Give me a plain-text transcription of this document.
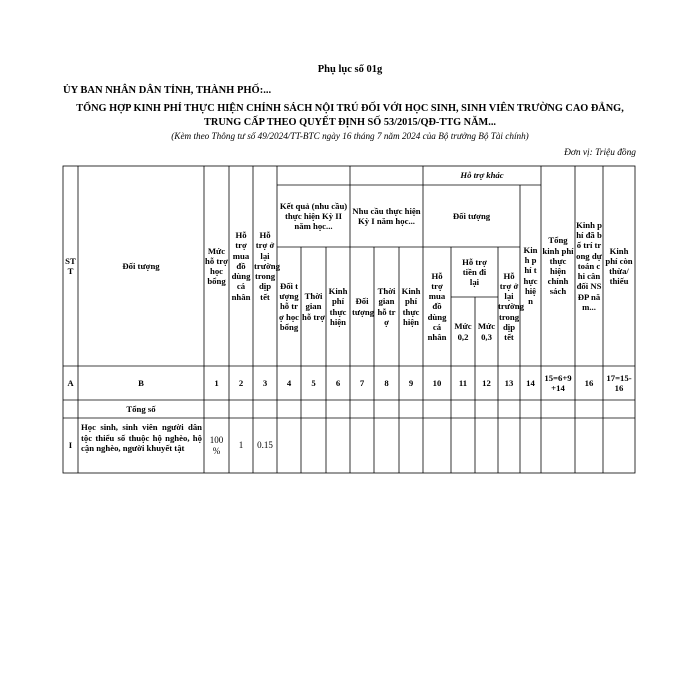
Phụ lục số 01g
ỦY BAN NHÂN DÂN TỈNH, THÀNH PHỐ:...
TỔNG HỢP KINH PHÍ THỰC HIỆN CHÍNH SÁCH NỘI TRÚ ĐỐI VỚI HỌC SINH, SINH VIÊN TRƯỜNG CAO ĐẲNG,
TRUNG CẤP THEO QUYẾT ĐỊNH SỐ 53/2015/QĐ-TTG NĂM...
(Kèm theo Thông tư số 49/2024/TT-BTC ngày 16 tháng 7 năm 2024 của Bộ trưởng Bộ Tài chính)
Đơn vị: Triệu đồng
STT
Đối tượng
Mức hỗ trợ học bổng
Hỗ trợ mua đồ dùng cá nhân
Hỗ trợ ở lại trường trong dịp tết
Kết quả (nhu cầu) thực hiện Kỳ II năm học...
Nhu cầu thực hiện Kỳ I năm học...
Đối tượng hỗ trợ học bổng
Thời gian hỗ trợ
Kinh phí thực hiện
Đối tượng
Thời gian hỗ trợ
Kinh phí thực hiện
Hỗ trợ khác
Đối tượng
Hỗ trợ mua đồ dùng cá nhân
Hỗ trợ tiền đi lại
Mức 0,2
Mức 0,3
Hỗ trợ ở lại trường trong dịp tết
Kinh phí thực hiện
Tổng kinh phí thực hiện chính sách
Kinh phí đã bố trí trong dự toán chi cân đối NSĐP năm...
Kinh phí còn thừa/ thiếu
A	B	1 2 3 4 5 6 7 8 9 10 11 12 13 14
15=6+9 +14
16
17=15-16
Tổng số
I
Học sinh, sinh viên người dân tộc thiểu số thuộc hộ nghèo, hộ cận nghèo, người khuyết tật
100 %
1 0.15
